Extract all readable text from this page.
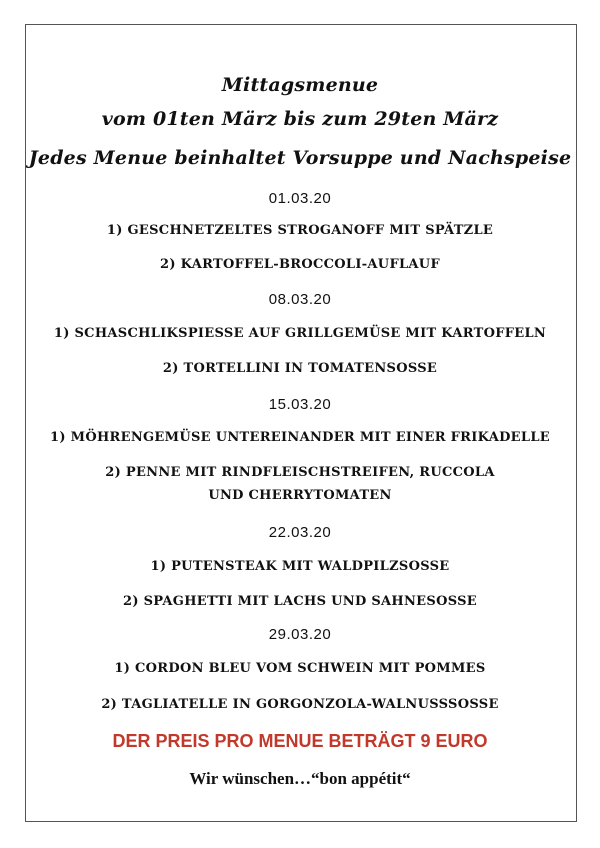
Mittagsmenue
vom 01ten März bis zum 29ten März
Jedes Menue beinhaltet Vorsuppe und Nachspeise
01.03.20
1) GESCHNETZELTES STROGANOFF MIT SPÄTZLE
2) KARTOFFEL-BROCCOLI-AUFLAUF
08.03.20
1) SCHASCHLIKSPIESSE AUF GRILLGEMÜSE MIT KARTOFFELN
2) TORTELLINI IN TOMATENSOSSE
15.03.20
1) MÖHRENGEMÜSE UNTEREINANDER MIT EINER FRIKADELLE
2) PENNE MIT RINDFLEISCHSTREIFEN, RUCCOLA
UND CHERRYTOMATEN
22.03.20
1) PUTENSTEAK MIT WALDPILZSOSSE
2) SPAGHETTI MIT LACHS UND SAHNESOSSE
29.03.20
1) CORDON BLEU VOM SCHWEIN MIT POMMES
2) TAGLIATELLE IN GORGONZOLA-WALNUSSSOSSE
DER PREIS PRO MENUE BETRÄGT 9 EURO
Wir wünschen…“bon appétit“
